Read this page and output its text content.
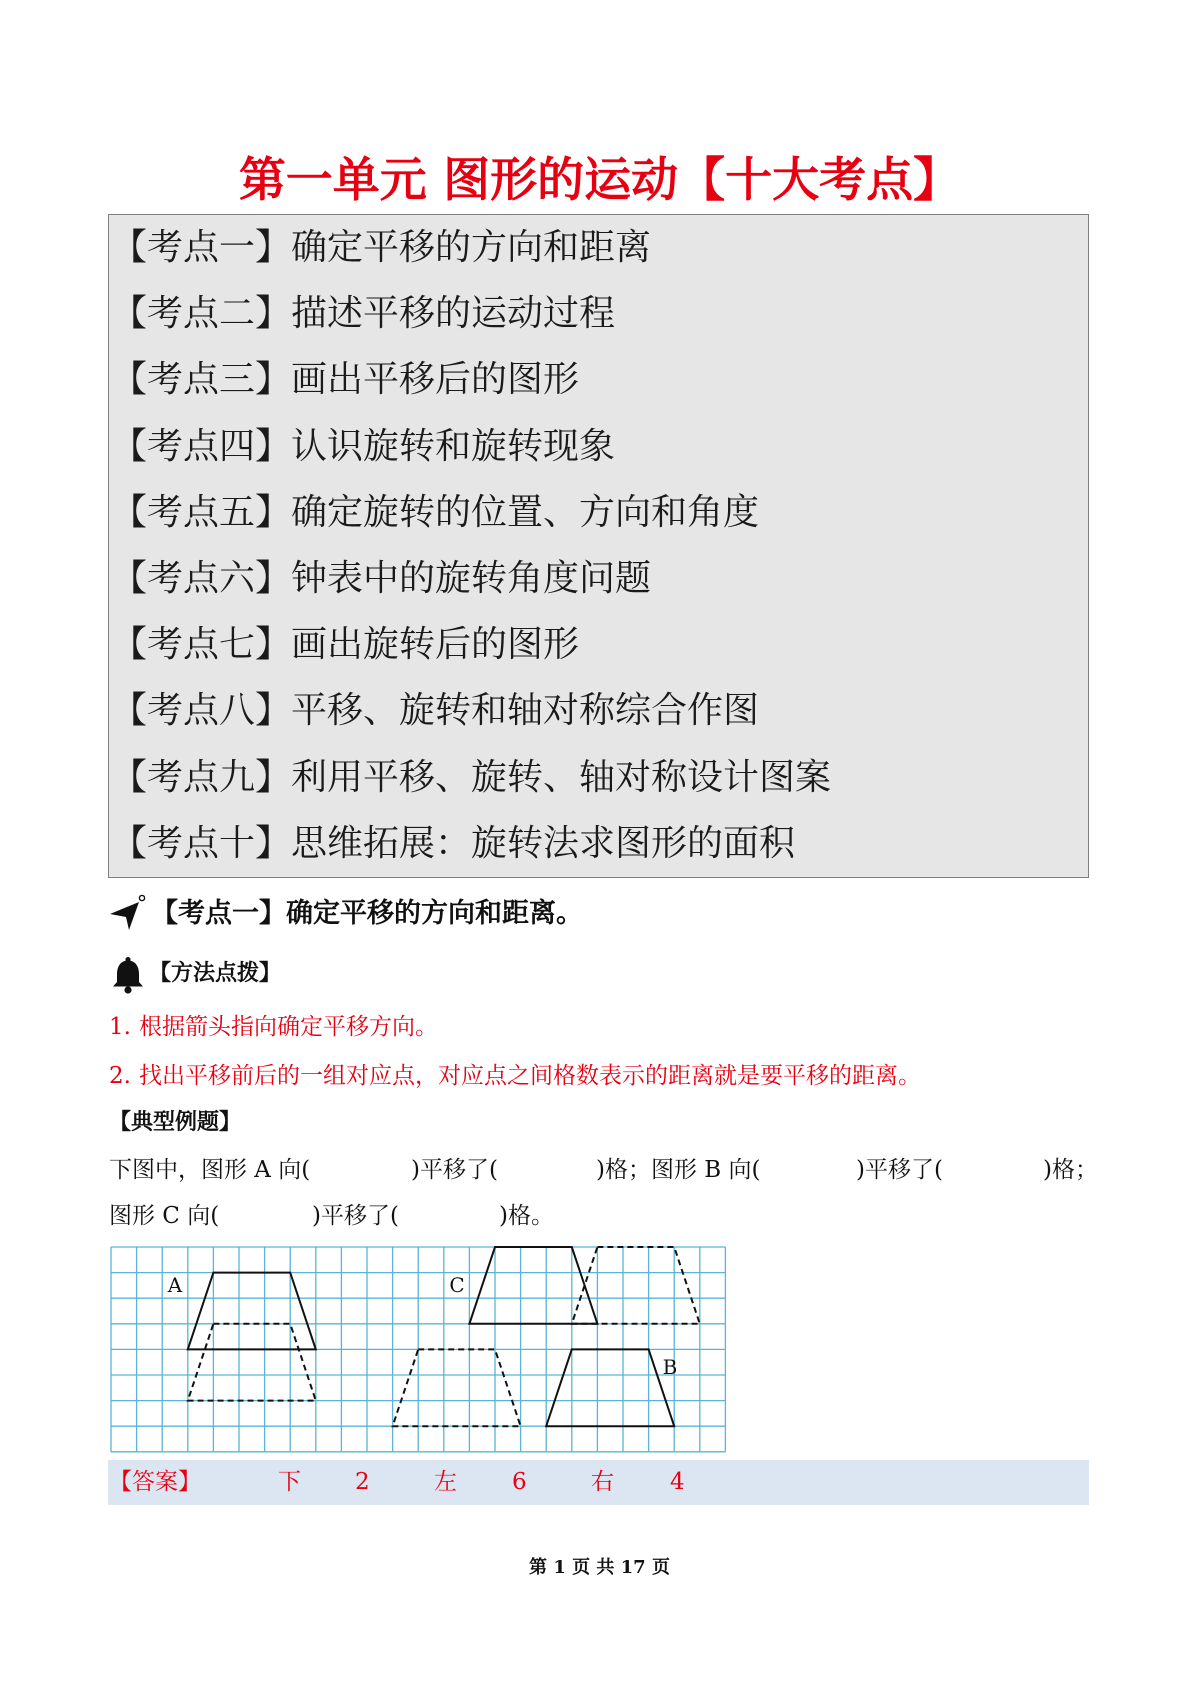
第一单元 图形的运动【十大考点】
【考点一】确定平移的方向和距离
【考点二】描述平移的运动过程
【考点三】画出平移后的图形
【考点四】认识旋转和旋转现象
【考点五】确定旋转的位置、方向和角度
【考点六】钟表中的旋转角度问题
【考点七】画出旋转后的图形
【考点八】平移、旋转和轴对称综合作图
【考点九】利用平移、旋转、轴对称设计图案
【考点十】思维拓展：旋转法求图形的面积
【考点一】确定平移的方向和距离。
【方法点拨】
1. 根据箭头指向确定平移方向。
2. 找出平移前后的一组对应点，对应点之间格数表示的距离就是要平移的距离。
【典型例题】
下图中，图形 A 向(	)平移了(	)格；图形 B 向(	)平移了(	)格；
图形 C 向(	)平移了(	)格。
A	C
B
【答案】	下 2	左 6	右 4
第 1 页 共 17 页
